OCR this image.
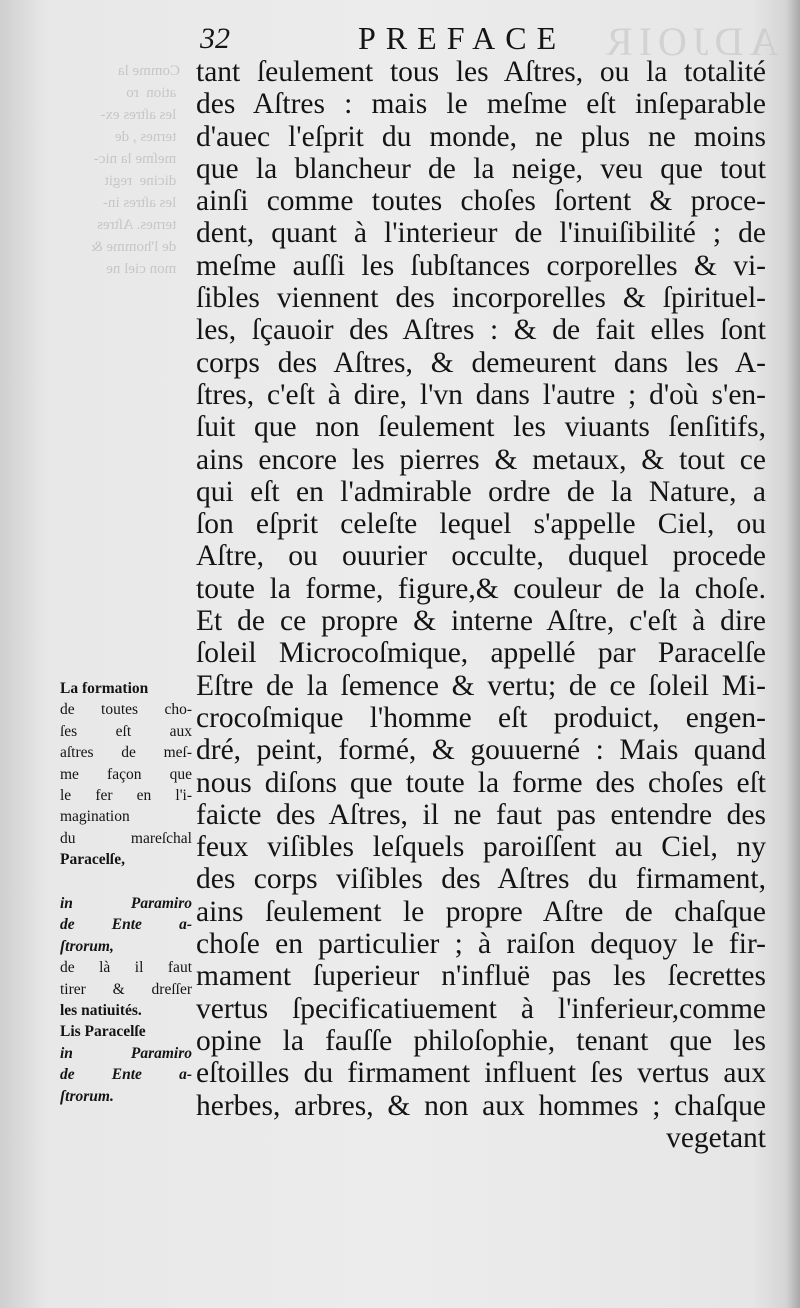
ADJOIR
Comme la
ation  ro
les aſtres ex-
ternes , de
meſme la nic-
dicine  regit
les aſtres in-
ternes. Aſtres
de l'homme &
mon ciel ne
32	PREFACE
tant ſeulement tous les Aſtres, ou la totalité
des Aſtres : mais le meſme eſt inſeparable
d'auec l'eſprit du monde, ne plus ne moins
que la blancheur de la neige, veu que tout
ainſi comme toutes choſes ſortent & proce-
dent, quant à l'interieur de l'inuiſibilité ; de
meſme auſſi les ſubſtances corporelles & vi-
ſibles viennent des incorporelles & ſpirituel-
les, ſçauoir des Aſtres : & de fait elles ſont
corps des Aſtres, & demeurent dans les A-
ſtres, c'eſt à dire, l'vn dans l'autre ; d'où s'en-
ſuit que non ſeulement les viuants ſenſitifs,
ains encore les pierres & metaux, & tout ce
qui eſt en l'admirable ordre de la Nature, a
ſon eſprit celeſte lequel s'appelle Ciel, ou
Aſtre, ou ouurier occulte, duquel procede
toute la forme, figure,& couleur de la choſe.
Et de ce propre & interne Aſtre, c'eſt à dire
ſoleil Microcoſmique, appellé par Paracelſe
Eſtre de la ſemence & vertu; de ce ſoleil Mi-
crocoſmique l'homme eſt produict, engen-
dré, peint, formé, & gouuerné : Mais quand
nous diſons que toute la forme des choſes eſt
faicte des Aſtres, il ne faut pas entendre des
feux viſibles leſquels paroiſſent au Ciel, ny
des corps viſibles des Aſtres du firmament,
ains ſeulement le propre Aſtre de chaſque
choſe en particulier ; à raiſon dequoy le fir-
mament ſuperieur n'influë pas les ſecrettes
vertus ſpecificatiuement à l'inferieur,comme
opine la fauſſe philoſophie, tenant que les
eſtoilles du firmament influent ſes vertus aux
herbes, arbres, & non aux hommes ; chaſque
vegetant
La formation
de toutes cho-
ſes eſt aux
aſtres de meſ-
me façon que
le fer en l'i-
magination
du mareſchal
Paracelſe,
in Paramiro
de Ente a-
ſtrorum,
de là il faut
tirer & dreſſer
les natiuités.
Lis Paracelſe
in Paramiro
de Ente a-
ſtrorum.
